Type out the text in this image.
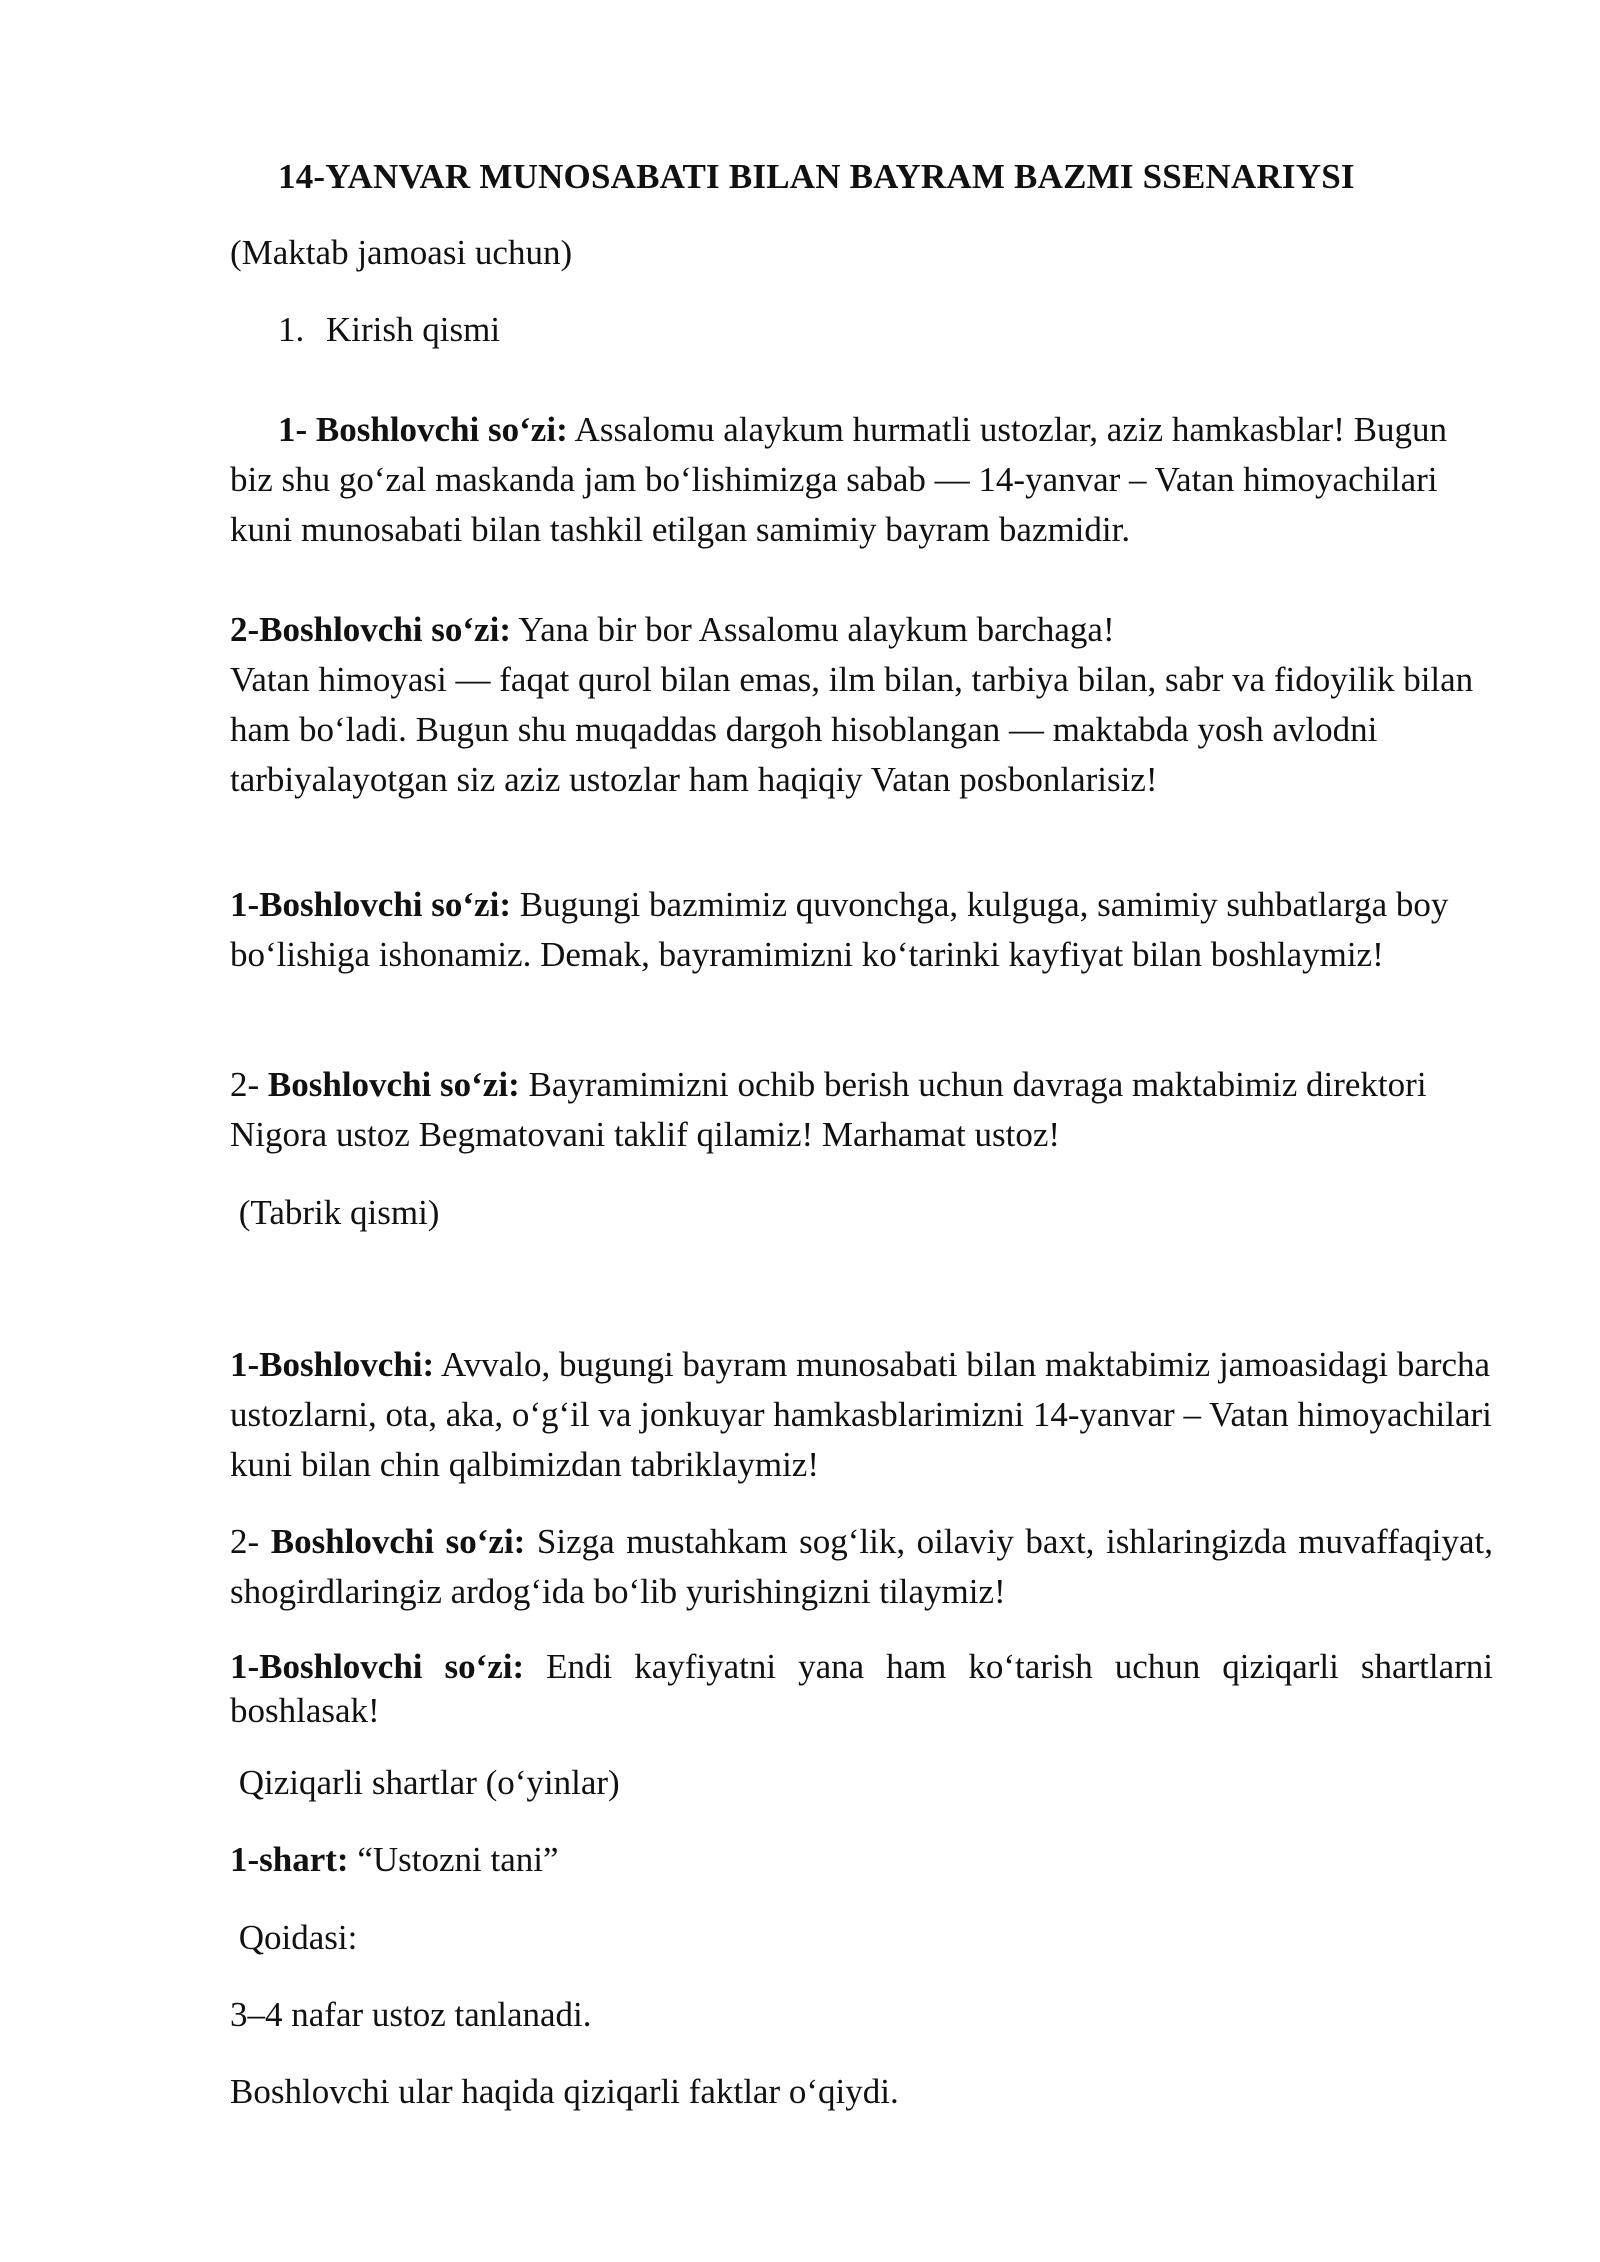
14-YANVAR MUNOSABATI BILAN BAYRAM BAZMI SSENARIYSI

(Maktab jamoasi uchun)

1. Kirish qismi

1- Boshlovchi so‘zi: Assalomu alaykum hurmatli ustozlar, aziz hamkasblar! Bugun biz shu go‘zal maskanda jam bo‘lishimizga sabab — 14-yanvar – Vatan himoyachilari kuni munosabati bilan tashkil etilgan samimiy bayram bazmidir.

2-Boshlovchi so‘zi: Yana bir bor Assalomu alaykum barchaga!
Vatan himoyasi — faqat qurol bilan emas, ilm bilan, tarbiya bilan, sabr va fidoyilik bilan ham bo‘ladi. Bugun shu muqaddas dargoh hisoblangan — maktabda yosh avlodni tarbiyalayotgan siz aziz ustozlar ham haqiqiy Vatan posbonlarisiz!

1-Boshlovchi so‘zi: Bugungi bazmimiz quvonchga, kulguga, samimiy suhbatlarga boy bo‘lishiga ishonamiz. Demak, bayramimizni ko‘tarinki kayfiyat bilan boshlaymiz!

2- Boshlovchi so‘zi: Bayramimizni ochib berish uchun davraga maktabimiz direktori Nigora ustoz Begmatovani taklif qilamiz! Marhamat ustoz!

(Tabrik qismi)

1-Boshlovchi: Avvalo, bugungi bayram munosabati bilan maktabimiz jamoasidagi barcha ustozlarni, ota, aka, o‘g‘il va jonkuyar hamkasblarimizni 14-yanvar – Vatan himoyachilari kuni bilan chin qalbimizdan tabriklaymiz!

2- Boshlovchi so‘zi: Sizga mustahkam sog‘lik, oilaviy baxt, ishlaringizda muvaffaqiyat, shogirdlaringiz ardog‘ida bo‘lib yurishingizni tilaymiz!

1-Boshlovchi so‘zi: Endi kayfiyatni yana ham ko‘tarish uchun qiziqarli shartlarni boshlasak!

Qiziqarli shartlar (o‘yinlar)

1-shart: “Ustozni tani”

Qoidasi:

3–4 nafar ustoz tanlanadi.

Boshlovchi ular haqida qiziqarli faktlar o‘qiydi.
